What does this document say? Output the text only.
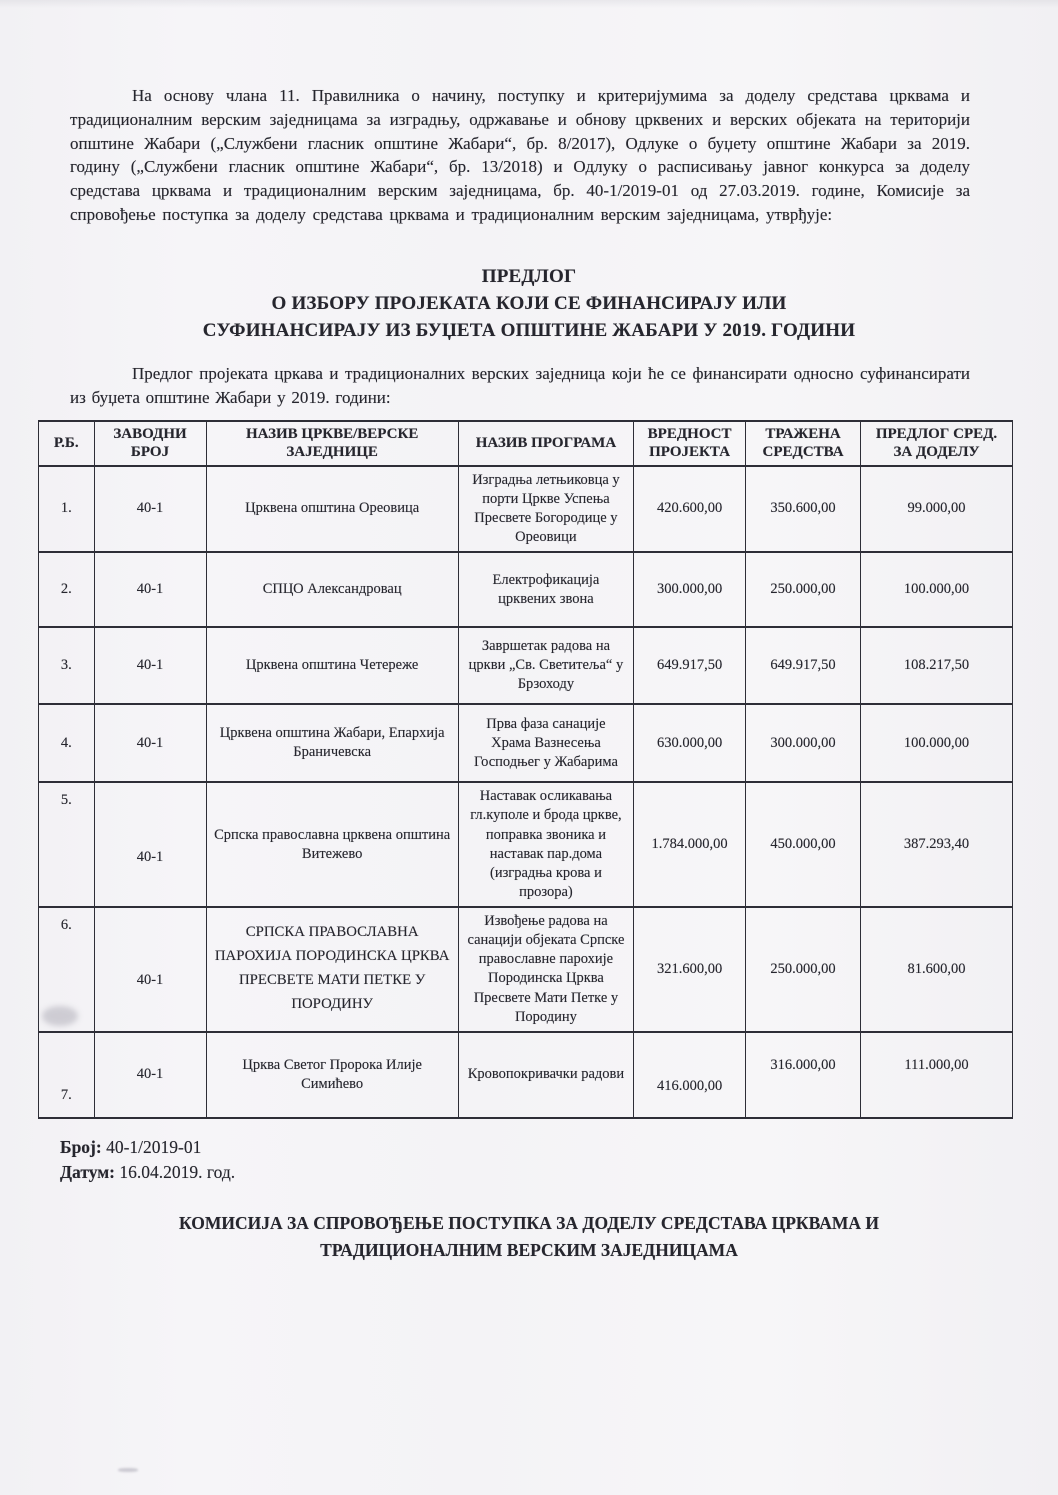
На основу члана 11. Правилника о начину, поступку и критеријумима за доделу средстава црквама и традиционалним верским заједницама за изградњу, одржавање и обнову црквених и верских објеката на територији општине Жабари („Службени гласник општине Жабари“, бр. 8/2017), Одлуке о буџету општине Жабари за 2019. годину („Службени гласник општине Жабари“, бр. 13/2018) и Одлуку о расписивању јавног конкурса за доделу средстава црквама и традиционалним верским заједницама, бр. 40-1/2019-01 од 27.03.2019. године, Комисије за спровођење поступка за доделу средстава црквама и традиционалним верским заједницама, утврђује:

ПРЕДЛОГ
О ИЗБОРУ ПРОЈЕКАТА КОЈИ СЕ ФИНАНСИРАЈУ ИЛИ
СУФИНАНСИРАЈУ ИЗ БУЏЕТА ОПШТИНЕ ЖАБАРИ У 2019. ГОДИНИ

Предлог пројеката цркава и традиционалних верских заједница који ће се финансирати односно суфинансирати из буџета општине Жабари у 2019. години:

Р.Б.	ЗАВОДНИ БРОЈ	НАЗИВ ЦРКВЕ/ВЕРСКЕ ЗАЈЕДНИЦЕ	НАЗИВ ПРОГРАМА	ВРЕДНОСТ ПРОЈЕКТА	ТРАЖЕНА СРЕДСТВА	ПРЕДЛОГ СРЕД. ЗА ДОДЕЛУ
1.	40-1	Црквена општина Ореовица	Изградња летњиковца у порти Цркве Успења Пресвете Богородице у Ореовици	420.600,00	350.600,00	99.000,00
2.	40-1	СПЦО Александровац	Електрофикација црквених звона	300.000,00	250.000,00	100.000,00
3.	40-1	Црквена општина Четереже	Завршетак радова на цркви „Св. Светитеља“ у Брзоходу	649.917,50	649.917,50	108.217,50
4.	40-1	Црквена општина Жабари, Епархија Браничевска	Прва фаза санације Храма Вазнесења Господњег у Жабарима	630.000,00	300.000,00	100.000,00
5.	40-1	Српска православна црквена општина Витежево	Наставак осликавања гл.куполе и брода цркве, поправка звоника и наставак пар.дома (изградња крова и прозора)	1.784.000,00	450.000,00	387.293,40
6.	40-1	СРПСКА ПРАВОСЛАВНА ПАРОХИЈА ПОРОДИНСКА ЦРКВА ПРЕСВЕТЕ МАТИ ПЕТКЕ У ПОРОДИНУ	Извођење радова на санацији објеката Српске православне парохије Породинска Црква Пресвете Мати Петке у Породину	321.600,00	250.000,00	81.600,00
7.	40-1	Црква Светог Пророка Илије Симићево	Кровопокривачки радови	416.000,00	316.000,00	111.000,00
Број: 40-1/2019-01
Датум: 16.04.2019. год.
КОМИСИЈА ЗА СПРОВОЂЕЊЕ ПОСТУПКА ЗА ДОДЕЛУ СРЕДСТАВА ЦРКВАМА И
ТРАДИЦИОНАЛНИМ ВЕРСКИМ ЗАЈЕДНИЦАМА
